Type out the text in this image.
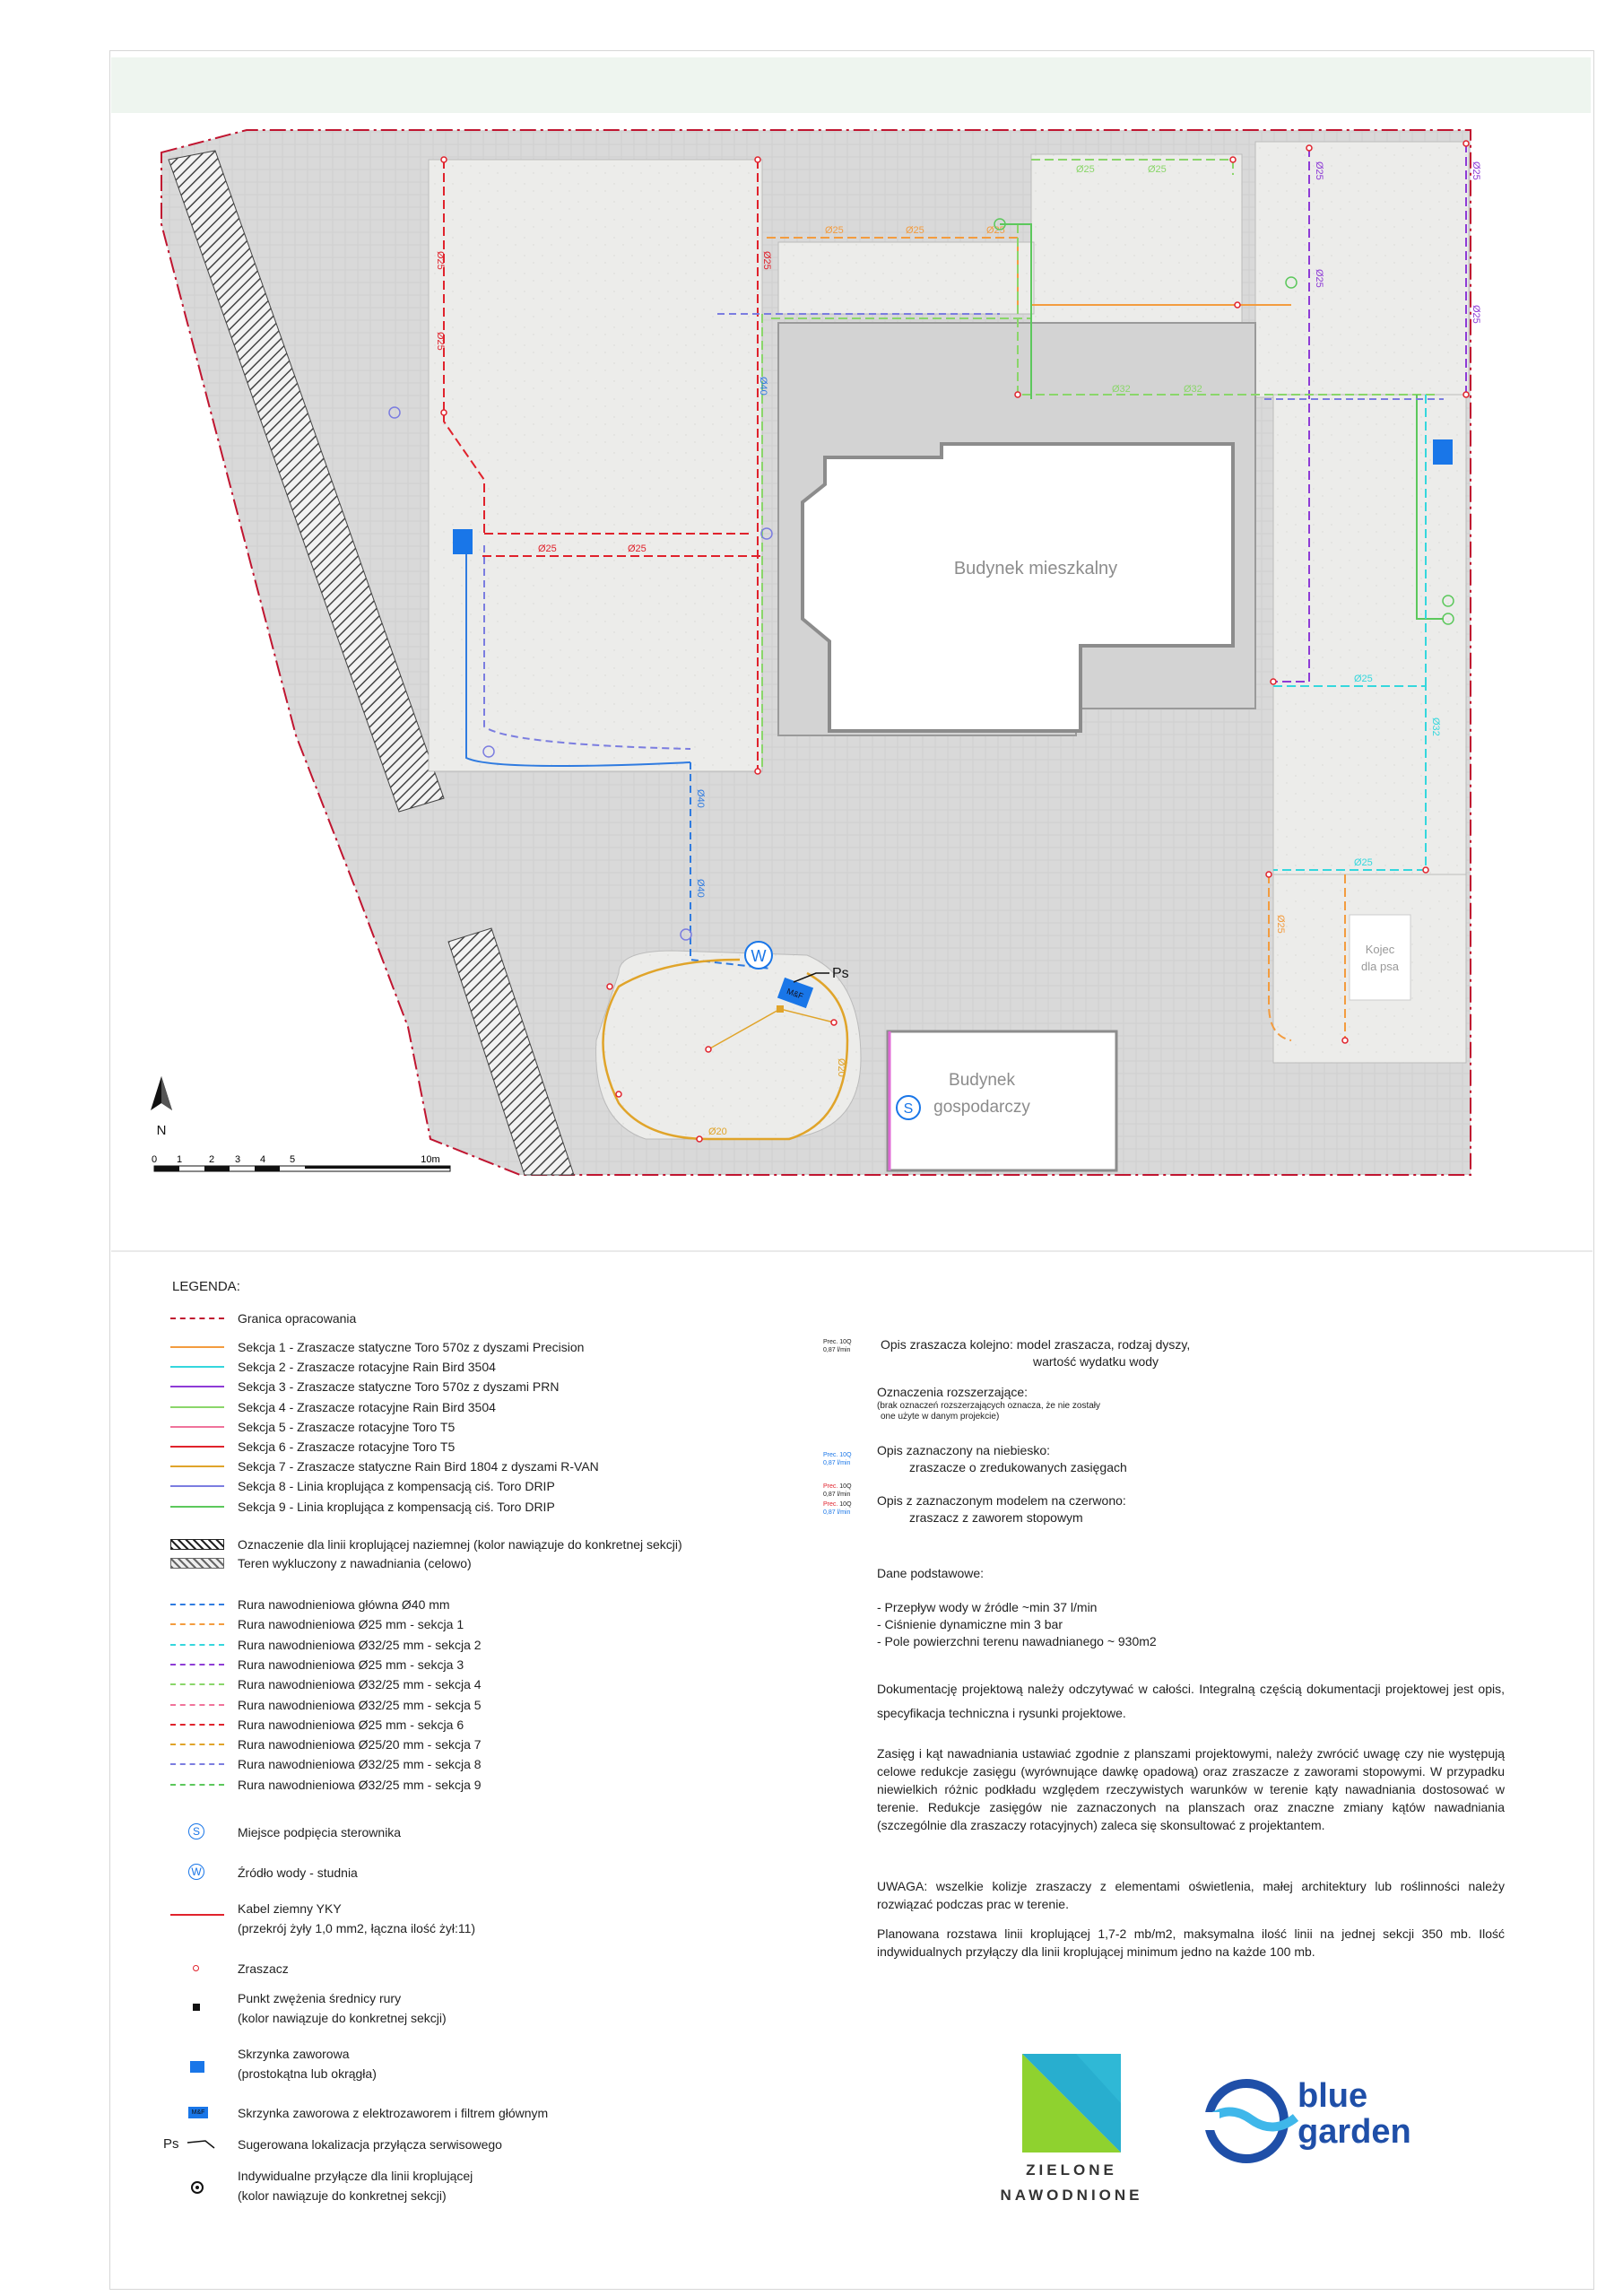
Budynek mieszkalny
Budynek
gospodarczy
Kojec
dla psa
Ø25
Ø25
Ø25	Ø25
Ø25
Ø25	Ø25	Ø25
Ø25
Ø25
Ø25
Ø25
Ø25
Ø25	Ø25
Ø32	Ø32
Ø25
Ø25
Ø32
Ø40
Ø40
Ø40
Ø20
Ø20
M&F
W
Ps
S
N
0 1	2 3 4 5	10m
LEGENDA:
Granica opracowania
Sekcja 1 - Zraszacze statyczne Toro 570z z dyszami Precision
Sekcja 2 - Zraszacze rotacyjne Rain Bird 3504
Sekcja 3 - Zraszacze statyczne Toro 570z z dyszami PRN
Sekcja 4 - Zraszacze rotacyjne Rain Bird 3504
Sekcja 5 - Zraszacze rotacyjne Toro T5
Sekcja 6 - Zraszacze rotacyjne Toro T5
Sekcja 7 - Zraszacze statyczne Rain Bird 1804 z dyszami R-VAN
Sekcja 8 - Linia kroplująca z kompensacją ciś. Toro DRIP
Sekcja 9 - Linia kroplująca z kompensacją ciś. Toro DRIP
Oznaczenie dla linii kroplującej naziemnej (kolor nawiązuje do konkretnej sekcji)
Teren wykluczony z nawadniania (celowo)
Rura nawodnieniowa główna Ø40 mm
Rura nawodnieniowa Ø25 mm - sekcja 1
Rura nawodnieniowa Ø32/25 mm - sekcja 2
Rura nawodnieniowa Ø25 mm - sekcja 3
Rura nawodnieniowa Ø32/25 mm - sekcja 4
Rura nawodnieniowa Ø32/25 mm - sekcja 5
Rura nawodnieniowa Ø25 mm - sekcja 6
Rura nawodnieniowa Ø25/20 mm - sekcja 7
Rura nawodnieniowa Ø32/25 mm - sekcja 8
Rura nawodnieniowa Ø32/25 mm - sekcja 9
S	Miejsce podpięcia sterownika
W	Źródło wody - studnia
Kabel ziemny YKY
(przekrój żyły 1,0 mm2, łączna ilość żył:11)
Zraszacz
Punkt zwężenia średnicy rury
(kolor nawiązuje do konkretnej sekcji)
Skrzynka zaworowa
(prostokątna lub okrągła)
M&F	Skrzynka zaworowa z elektrozaworem i filtrem głównym
Ps	Sugerowana lokalizacja przyłącza serwisowego
Indywidualne przyłącze dla linii kroplującej
(kolor nawiązuje do konkretnej sekcji)
Prec. 10Q
0,87 l/min Opis zraszacza kolejno: model zraszacza, rodzaj dyszy,
wartość wydatku wody
Oznaczenia rozszerzające:
(brak oznaczeń rozszerzających oznacza, że nie zostały
one użyte w danym projekcie)
Prec. 10Q
0,87 l/min
Opis zaznaczony na niebiesko:
zraszacze o zredukowanych zasięgach
Prec. 10Q
0,87 l/min
Prec. 10Q
0,87 l/min
Opis z zaznaczonym modelem na czerwono:
zraszacz z zaworem stopowym
Dane podstawowe:
- Przepływ wody w źródle ~min 37 l/min
- Ciśnienie dynamiczne min 3 bar
- Pole powierzchni terenu nawadnianego ~ 930m2
Dokumentację projektową należy odczytywać w całości. Integralną częścią dokumentacji projektowej jest opis, specyfikacja techniczna i rysunki projektowe.
Zasięg i kąt nawadniania ustawiać zgodnie z planszami projektowymi, należy zwrócić uwagę czy nie występują celowe redukcje zasięgu (wyrównujące dawkę opadową) oraz zraszacze z zaworami stopowymi. W przypadku niewielkich różnic podkładu względem rzeczywistych warunków w terenie kąty nawadniania dostosować w terenie. Redukcje zasięgów nie zaznaczonych na planszach oraz znaczne zmiany kątów nawadniania (szczególnie dla zraszaczy rotacyjnych) zaleca się skonsultować z projektantem.
UWAGA: wszelkie kolizje zraszaczy z elementami oświetlenia, małej architektury lub roślinności należy rozwiązać podczas prac w terenie.
Planowana rozstawa linii kroplującej 1,7-2 mb/m2, maksymalna ilość linii na jednej sekcji 350 mb. Ilość indywidualnych przyłączy dla linii kroplującej minimum jedno na każde 100 mb.
ZIELONE
NAWODNIONE
blue
garden
